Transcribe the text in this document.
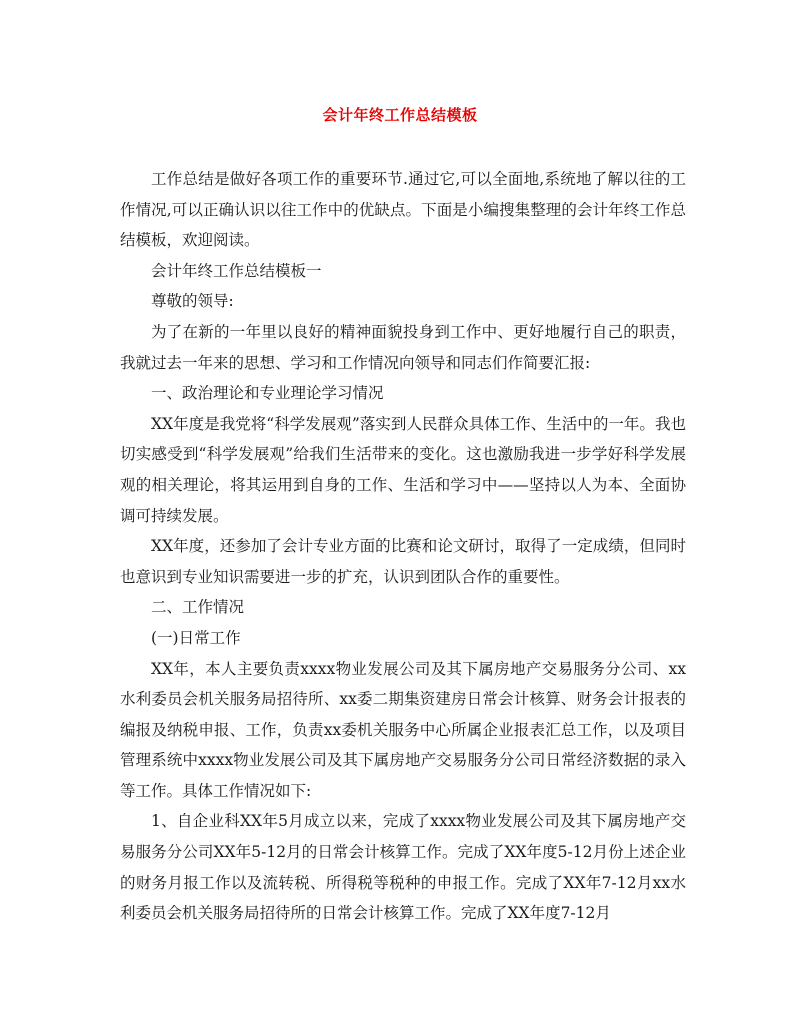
会计年终工作总结模板

工作总结是做好各项工作的重要环节.通过它,可以全面地,系统地了解以往的工作情况,可以正确认识以往工作中的优缺点。下面是小编搜集整理的会计年终工作总结模板，欢迎阅读。

会计年终工作总结模板一

尊敬的领导:

为了在新的一年里以良好的精神面貌投身到工作中、更好地履行自己的职责，我就过去一年来的思想、学习和工作情况向领导和同志们作简要汇报:

一、政治理论和专业理论学习情况

XX年度是我党将“科学发展观”落实到人民群众具体工作、生活中的一年。我也切实感受到“科学发展观”给我们生活带来的变化。这也激励我进一步学好科学发展观的相关理论，将其运用到自身的工作、生活和学习中——坚持以人为本、全面协调可持续发展。

XX年度，还参加了会计专业方面的比赛和论文研讨，取得了一定成绩，但同时也意识到专业知识需要进一步的扩充，认识到团队合作的重要性。

二、工作情况

(一)日常工作

XX年，本人主要负责xxxx物业发展公司及其下属房地产交易服务分公司、xx水利委员会机关服务局招待所、xx委二期集资建房日常会计核算、财务会计报表的编报及纳税申报、工作，负责xx委机关服务中心所属企业报表汇总工作，以及项目管理系统中xxxx物业发展公司及其下属房地产交易服务分公司日常经济数据的录入等工作。具体工作情况如下:

1、自企业科XX年5月成立以来，完成了xxxx物业发展公司及其下属房地产交易服务分公司XX年5-12月的日常会计核算工作。完成了XX年度5-12月份上述企业的财务月报工作以及流转税、所得税等税种的申报工作。完成了XX年7-12月xx水利委员会机关服务局招待所的日常会计核算工作。完成了XX年度7-12月
